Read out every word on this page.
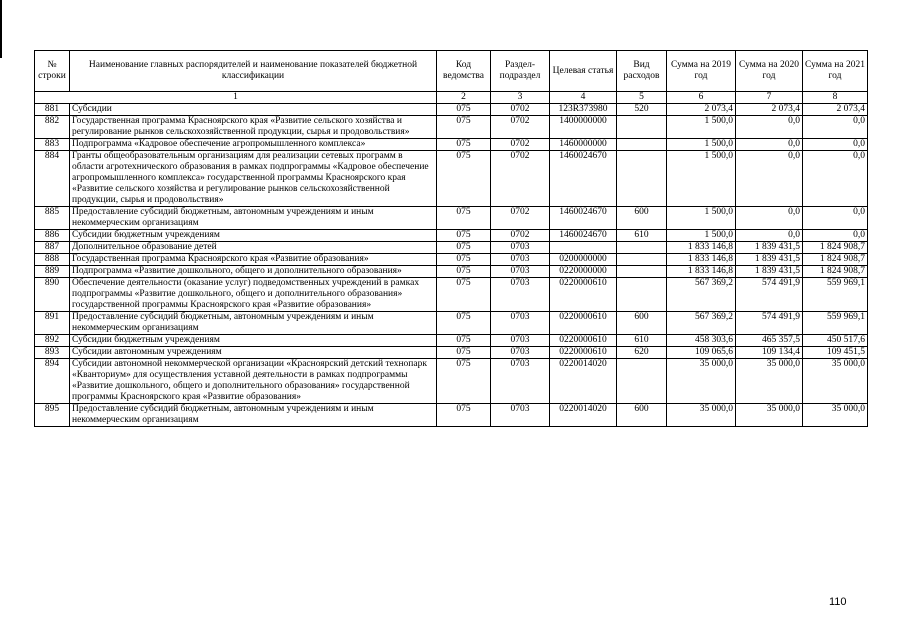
№ строки	Наименование главных распорядителей и наименование показателей бюджетной классификации	Код ведомства	Раздел- подраздел	Целевая статья	Вид расходов	Сумма на 2019 год	Сумма на 2020 год	Сумма на 2021 год
1		2	3	4	5	6	7	8
881	Субсидии	075	0702	123R373980	520	2 073,4	2 073,4	2 073,4
882	Государственная программа Красноярского края «Развитие сельского хозяйства и регулирование рынков сельскохозяйственной продукции, сырья и продовольствия»	075	0702	1400000000		1 500,0	0,0	0,0
883	Подпрограмма «Кадровое обеспечение агропромышленного комплекса»	075	0702	1460000000		1 500,0	0,0	0,0
884	Гранты общеобразовательным организациям для реализации сетевых программ в области агротехнического образования в рамках подпрограммы «Кадровое обеспечение агропромышленного комплекса» государственной программы Красноярского края «Развитие сельского хозяйства и регулирование рынков сельскохозяйственной продукции, сырья и продовольствия»	075	0702	1460024670		1 500,0	0,0	0,0
885	Предоставление субсидий бюджетным, автономным учреждениям и иным некоммерческим организациям	075	0702	1460024670	600	1 500,0	0,0	0,0
886	Субсидии бюджетным учреждениям	075	0702	1460024670	610	1 500,0	0,0	0,0
887	Дополнительное образование детей	075	0703			1 833 146,8	1 839 431,5	1 824 908,7
888	Государственная программа Красноярского края «Развитие образования»	075	0703	0200000000		1 833 146,8	1 839 431,5	1 824 908,7
889	Подпрограмма «Развитие дошкольного, общего и дополнительного образования»	075	0703	0220000000		1 833 146,8	1 839 431,5	1 824 908,7
890	Обеспечение деятельности (оказание услуг) подведомственных учреждений в рамках подпрограммы «Развитие дошкольного, общего и дополнительного образования» государственной программы Красноярского края «Развитие образования»	075	0703	0220000610		567 369,2	574 491,9	559 969,1
891	Предоставление субсидий бюджетным, автономным учреждениям и иным некоммерческим организациям	075	0703	0220000610	600	567 369,2	574 491,9	559 969,1
892	Субсидии бюджетным учреждениям	075	0703	0220000610	610	458 303,6	465 357,5	450 517,6
893	Субсидии автономным учреждениям	075	0703	0220000610	620	109 065,6	109 134,4	109 451,5
894	Субсидии автономной некоммерческой организации «Красноярский детский технопарк «Кванториум» для осуществления уставной деятельности в рамках подпрограммы «Развитие дошкольного, общего и дополнительного образования» государственной программы Красноярского края «Развитие образования»	075	0703	0220014020		35 000,0	35 000,0	35 000,0
895	Предоставление субсидий бюджетным, автономным учреждениям и иным некоммерческим организациям	075	0703	0220014020	600	35 000,0	35 000,0	35 000,0
110
